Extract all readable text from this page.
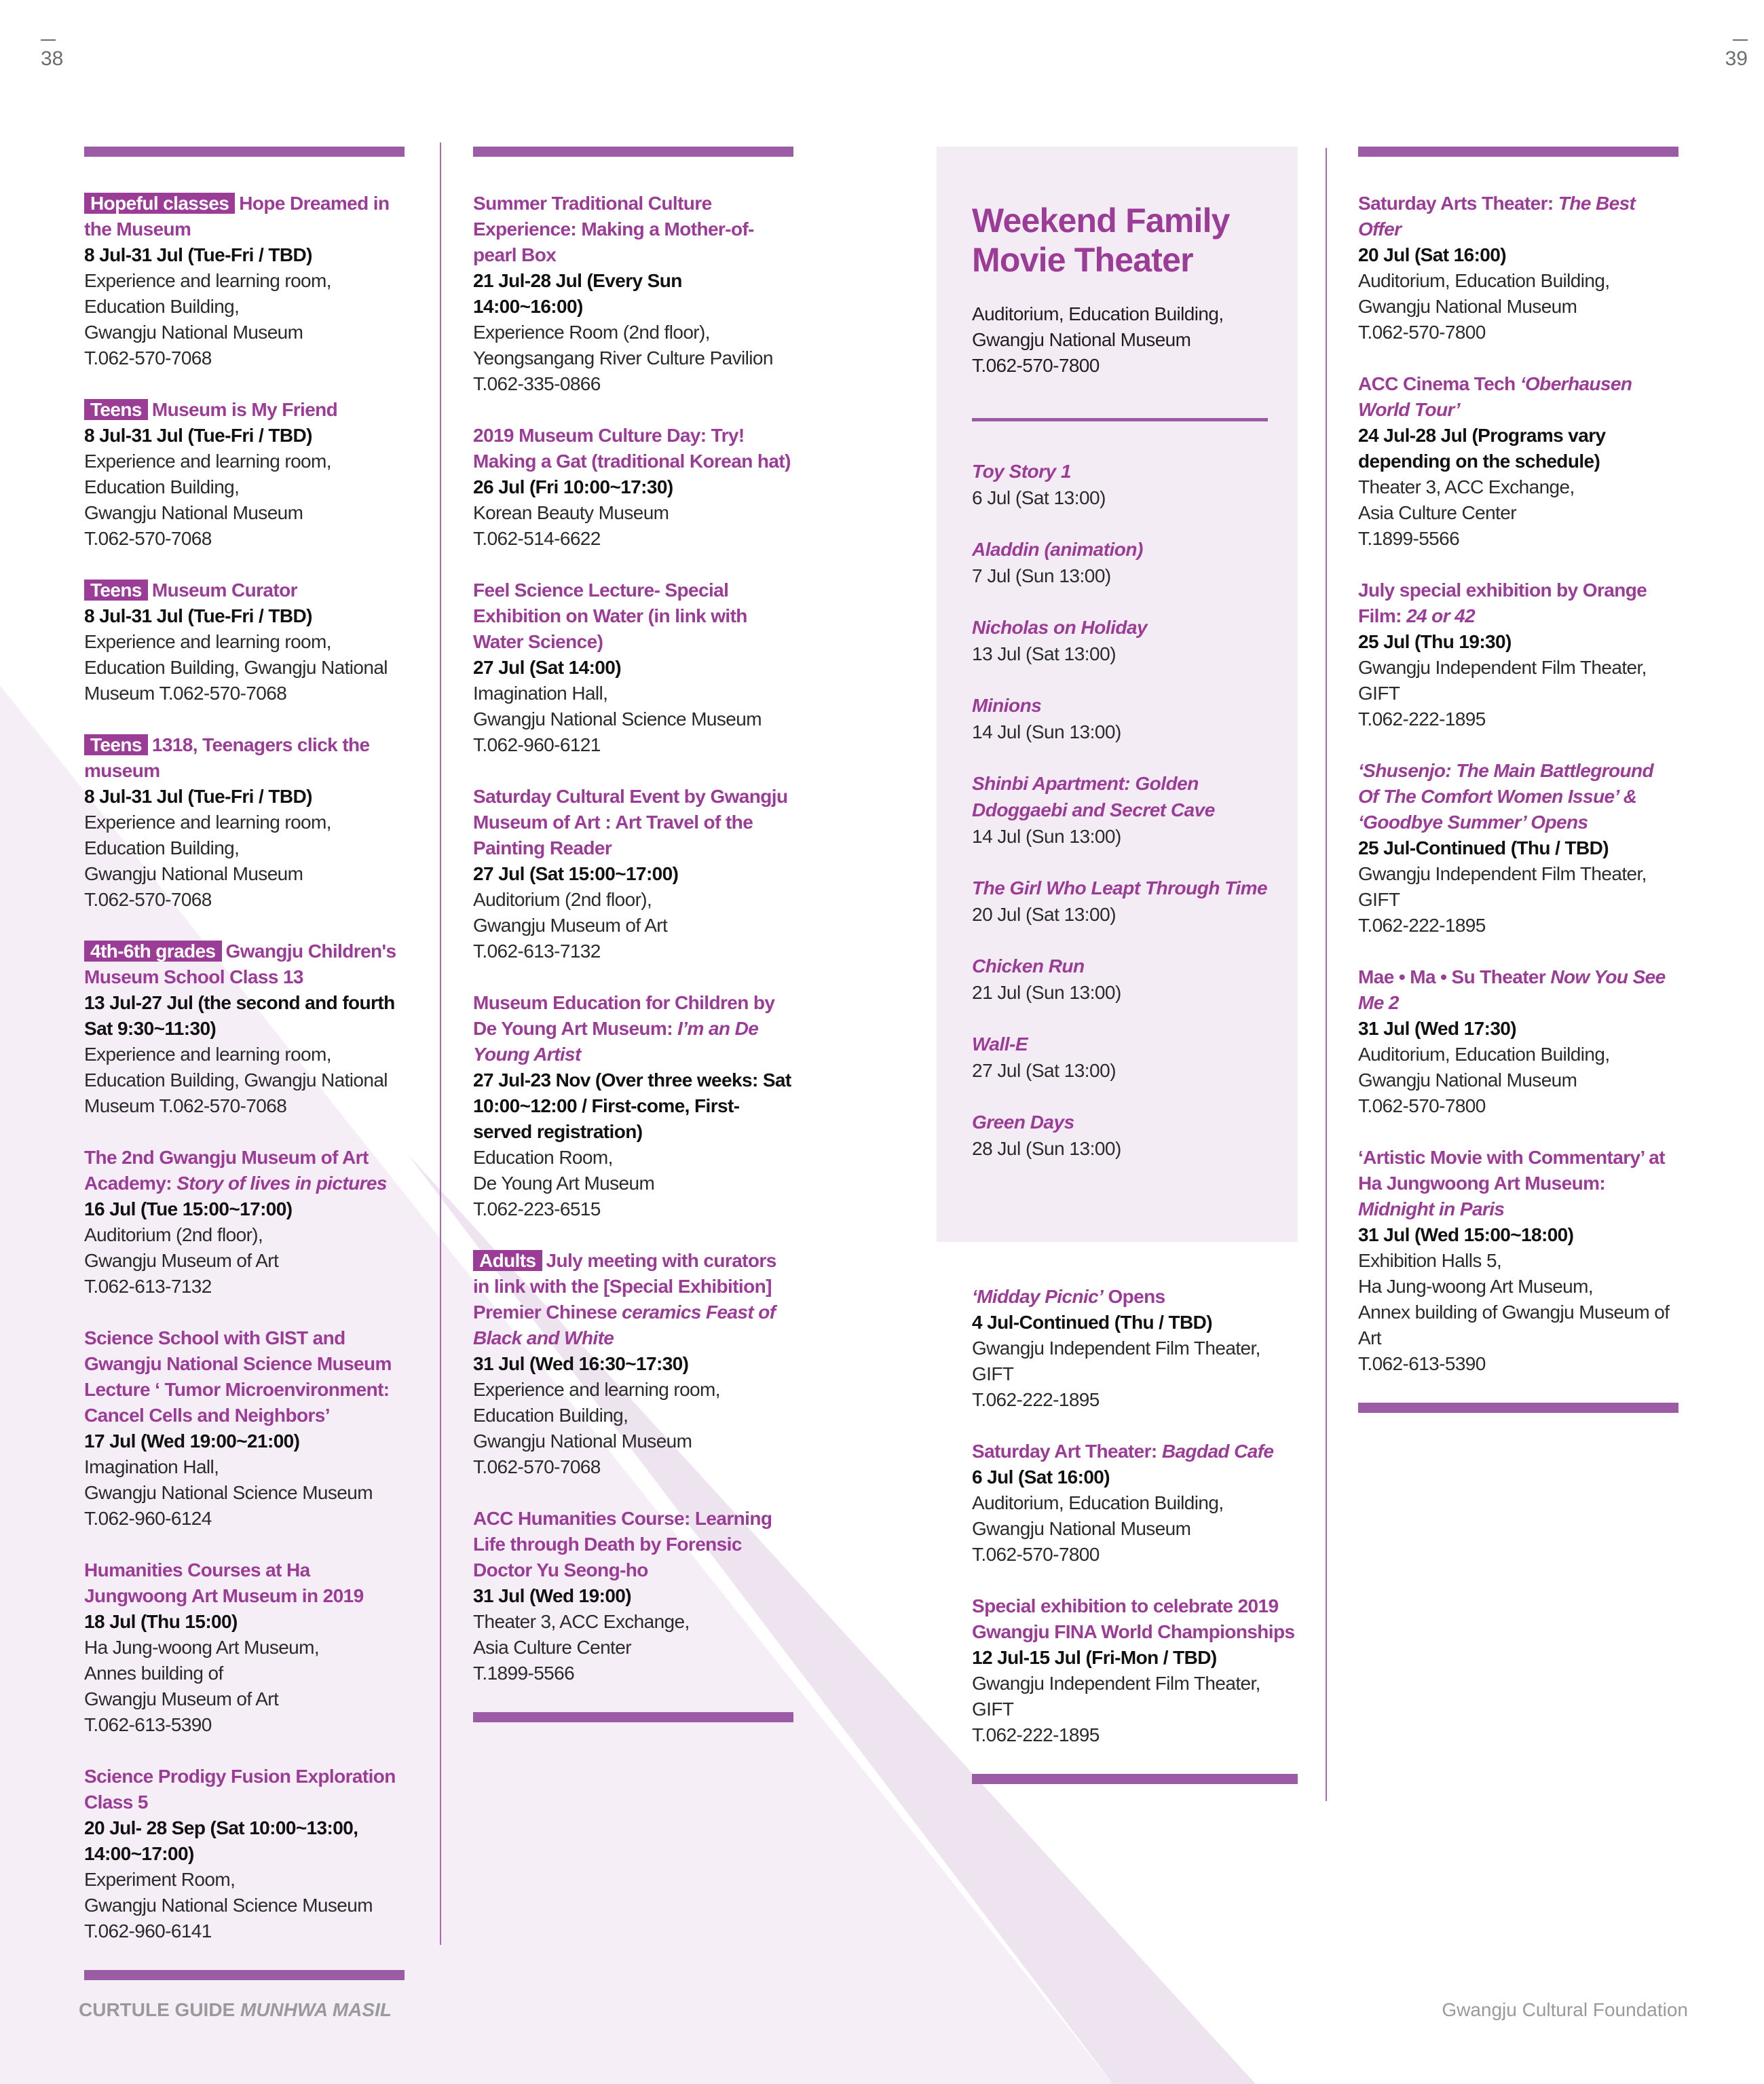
38	39
Hopeful classes Hope Dreamed in the Museum
8 Jul-31 Jul (Tue-Fri / TBD)
Experience and learning room,
Education Building,
Gwangju National Museum
T.062-570-7068
Teens Museum is My Friend
8 Jul-31 Jul (Tue-Fri / TBD)
Experience and learning room,
Education Building,
Gwangju National Museum
T.062-570-7068
Teens Museum Curator
8 Jul-31 Jul (Tue-Fri / TBD)
Experience and learning room,
Education Building, Gwangju National
Museum T.062-570-7068
Teens 1318, Teenagers click the museum
8 Jul-31 Jul (Tue-Fri / TBD)
Experience and learning room,
Education Building,
Gwangju National Museum
T.062-570-7068
4th-6th grades Gwangju Children's Museum School Class 13
13 Jul-27 Jul (the second and fourth Sat 9:30~11:30)
Experience and learning room,
Education Building, Gwangju National
Museum T.062-570-7068
The 2nd Gwangju Museum of Art Academy: Story of lives in pictures
16 Jul (Tue 15:00~17:00)
Auditorium (2nd floor),
Gwangju Museum of Art
T.062-613-7132
Science School with GIST and Gwangju National Science Museum Lecture ‘ Tumor Microenvironment: Cancel Cells and Neighbors’
17 Jul (Wed 19:00~21:00)
Imagination Hall,
Gwangju National Science Museum
T.062-960-6124
Humanities Courses at Ha Jungwoong Art Museum in 2019
18 Jul (Thu 15:00)
Ha Jung-woong Art Museum,
Annes building of
Gwangju Museum of Art
T.062-613-5390
Science Prodigy Fusion Exploration Class 5
20 Jul- 28 Sep (Sat 10:00~13:00, 14:00~17:00)
Experiment Room,
Gwangju National Science Museum
T.062-960-6141
Summer Traditional Culture Experience: Making a Mother-of-pearl Box
21 Jul-28 Jul (Every Sun 14:00~16:00)
Experience Room (2nd floor),
Yeongsangang River Culture Pavilion
T.062-335-0866
2019 Museum Culture Day: Try! Making a Gat (traditional Korean hat)
26 Jul (Fri 10:00~17:30)
Korean Beauty Museum
T.062-514-6622
Feel Science Lecture- Special Exhibition on Water (in link with Water Science)
27 Jul (Sat 14:00)
Imagination Hall,
Gwangju National Science Museum
T.062-960-6121
Saturday Cultural Event by Gwangju Museum of Art : Art Travel of the Painting Reader
27 Jul (Sat 15:00~17:00)
Auditorium (2nd floor),
Gwangju Museum of Art
T.062-613-7132
Museum Education for Children by De Young Art Museum: I’m an De Young Artist
27 Jul-23 Nov (Over three weeks: Sat 10:00~12:00 / First-come, First-served registration)
Education Room,
De Young Art Museum
T.062-223-6515
Adults July meeting with curators in link with the [Special Exhibition] Premier Chinese ceramics Feast of Black and White
31 Jul (Wed 16:30~17:30)
Experience and learning room,
Education Building,
Gwangju National Museum
T.062-570-7068
ACC Humanities Course: Learning Life through Death by Forensic Doctor Yu Seong-ho
31 Jul (Wed 19:00)
Theater 3, ACC Exchange,
Asia Culture Center
T.1899-5566
Weekend Family Movie Theater
Auditorium, Education Building,
Gwangju National Museum
T.062-570-7800
Toy Story 1
6 Jul (Sat 13:00)
Aladdin (animation)
7 Jul (Sun 13:00)
Nicholas on Holiday
13 Jul (Sat 13:00)
Minions
14 Jul (Sun 13:00)
Shinbi Apartment: Golden Ddoggaebi and Secret Cave
14 Jul (Sun 13:00)
The Girl Who Leapt Through Time
20 Jul (Sat 13:00)
Chicken Run
21 Jul (Sun 13:00)
Wall-E
27 Jul (Sat 13:00)
Green Days
28 Jul (Sun 13:00)
‘Midday Picnic’ Opens
4 Jul-Continued (Thu / TBD)
Gwangju Independent Film Theater, GIFT
T.062-222-1895
Saturday Art Theater: Bagdad Cafe
6 Jul (Sat 16:00)
Auditorium, Education Building,
Gwangju National Museum
T.062-570-7800
Special exhibition to celebrate 2019 Gwangju FINA World Championships
12 Jul-15 Jul (Fri-Mon / TBD)
Gwangju Independent Film Theater, GIFT
T.062-222-1895
Saturday Arts Theater: The Best Offer
20 Jul (Sat 16:00)
Auditorium, Education Building,
Gwangju National Museum
T.062-570-7800
ACC Cinema Tech ‘Oberhausen World Tour’
24 Jul-28 Jul (Programs vary depending on the schedule)
Theater 3, ACC Exchange,
Asia Culture Center
T.1899-5566
July special exhibition by Orange Film: 24 or 42
25 Jul (Thu 19:30)
Gwangju Independent Film Theater, GIFT
T.062-222-1895
‘Shusenjo: The Main Battleground Of The Comfort Women Issue’ & ‘Goodbye Summer’ Opens
25 Jul-Continued (Thu / TBD)
Gwangju Independent Film Theater, GIFT
T.062-222-1895
Mae • Ma • Su Theater Now You See Me 2
31 Jul (Wed 17:30)
Auditorium, Education Building,
Gwangju National Museum
T.062-570-7800
‘Artistic Movie with Commentary’ at Ha Jungwoong Art Museum: Midnight in Paris
31 Jul (Wed 15:00~18:00)
Exhibition Halls 5,
Ha Jung-woong Art Museum,
Annex building of Gwangju Museum of Art
T.062-613-5390
CURTULE GUIDE MUNHWA MASIL	Gwangju Cultural Foundation
